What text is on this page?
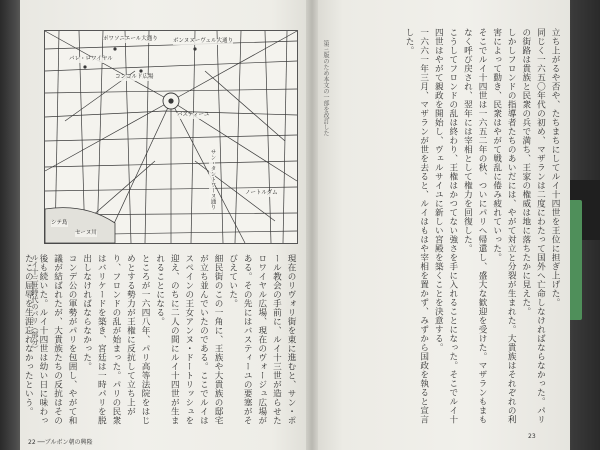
ポワソニエール大通り	ボンヌヌーヴェル大通り
パレ・ロワイヤル
バスティーユ
コンコルド広場
サン・タントワーヌ通り
シテ島
セーヌ川
ノートルダム
ルイ十三世時代のパリ（部分）	現在のリヴォリ街を東に進むと、サン・ポール教会の手前に、ルイ十三世が造らせたロワイヤル広場、現在のヴォージュ広場がある。その先にはバスティーユの要塞がそびえていた。
細民街のこの一角に、王族や大貴族の邸宅が立ち並んでいたのである。ここでルイはスペインの王女アンヌ・ドートリッシュを迎え、のちに二人の間にルイ十四世が生まれることになる。
ところが一六四八年、パリ高等法院をはじめとする勢力が王権に反抗して立ち上がり、フロンドの乱が始まった。パリの民衆はバリケードを築き、宮廷は一時パリを脱出しなければならなかった。
コンデ公の軍勢がパリを包囲し、やがて和議が結ばれたが、大貴族たちの反抗はその後も続いた。ルイ十四世は幼い日に味わったこの屈辱を生涯忘れなかったという。
22 ──ブルボン朝の興隆
第三版のため本文の一部を改訂した	立ち上がるや否や、たちまちにしてルイ十四世を王位に担ぎ上げた。
同じく一六五〇年代の初め、マザランは二度にわたって国外へ亡命しなければならなかった。パリの街路は貴族と民衆の兵で満ち、王家の権威は地に落ちたかに見えた。
しかしフロンドの指導者たちのあいだには、やがて対立と分裂が生まれた。大貴族はそれぞれの利害によって動き、民衆はやがて戦乱に倦み疲れていった。
そこでルイ十四世は一六五二年の秋、ついにパリへ帰還し、盛大な歓迎を受けた。マザランもまもなく呼び戻され、翌年には宰相として権力を回復した。
こうしてフロンドの乱は終わり、王権はかつてない強さを手に入れることになった。そこでルイ十四世はやがて親政を開始し、ヴェルサイユに新しい宮殿を築くことを決意する。
一六六一年三月、マザランが世を去ると、ルイはもはや宰相を置かず、みずから国政を執ると宣言した。
23
